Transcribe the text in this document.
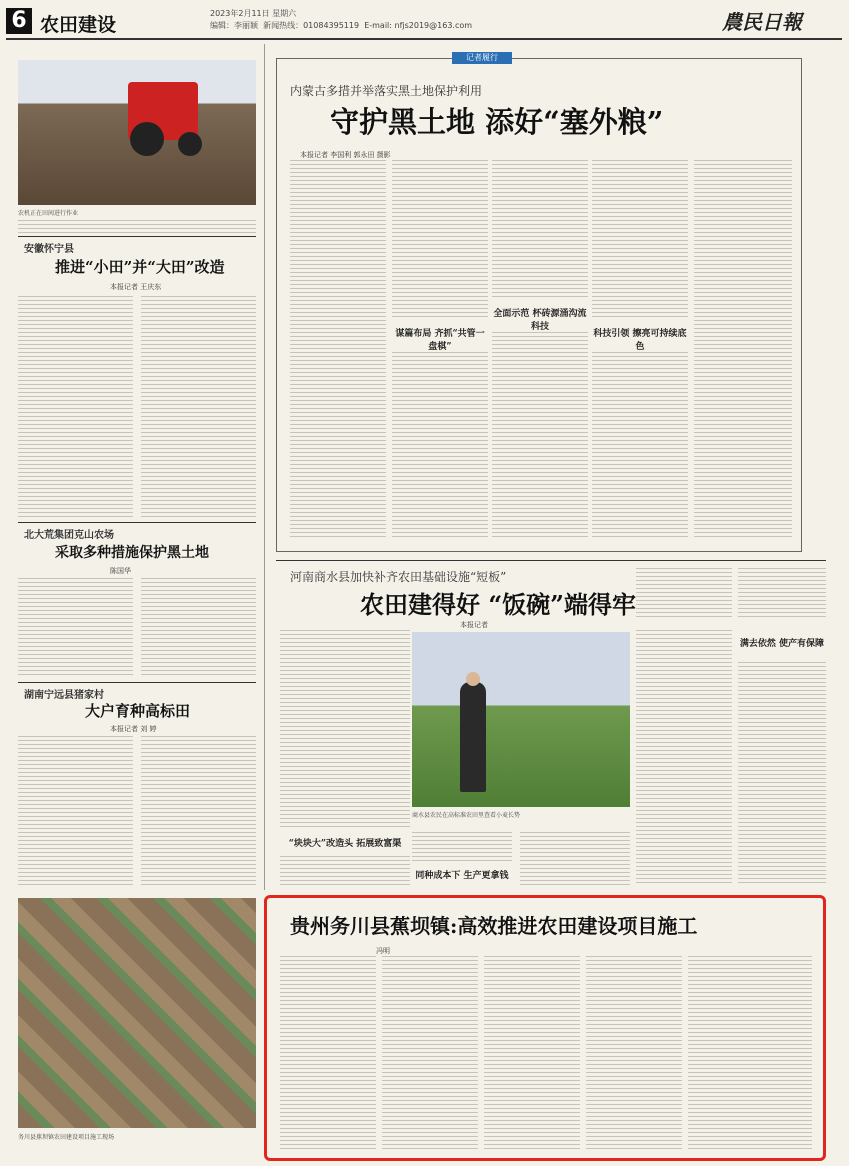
6 农田建设
2023年2月11日 星期六
编辑：李丽颖 新闻热线：01084395119 E-mail: nfjs2019@163.com	農民日報
农机正在田间进行作业
安徽怀宁县
推进“小田”并“大田”改造
本报记者 王庆东
北大荒集团克山农场
采取多种措施保护黑土地
陈国华
湖南宁远县猪家村
大户育种高标田
本报记者 刘 婷
务川县蕉坝镇农田建设项目施工现场
记者履行
内蒙古多措并举落实黑土地保护利用
守护黑土地 添好“塞外粮”
本报记者 李国利 郭永田 摄影
谋篇布局 齐抓“共管一盘棋”
全面示范 杯砖源涌沟流科技
科技引领 擦亮可持续底色
河南商水县加快补齐农田基础设施“短板”
农田建得好 “饭碗”端得牢
本报记者
商水县农民在高标准农田里查看小麦长势
“块块大”改造头 拓展致富渠
同种成本下 生产更拿钱
满去依然 使产有保障
贵州务川县蕉坝镇:高效推进农田建设项目施工
冯明
